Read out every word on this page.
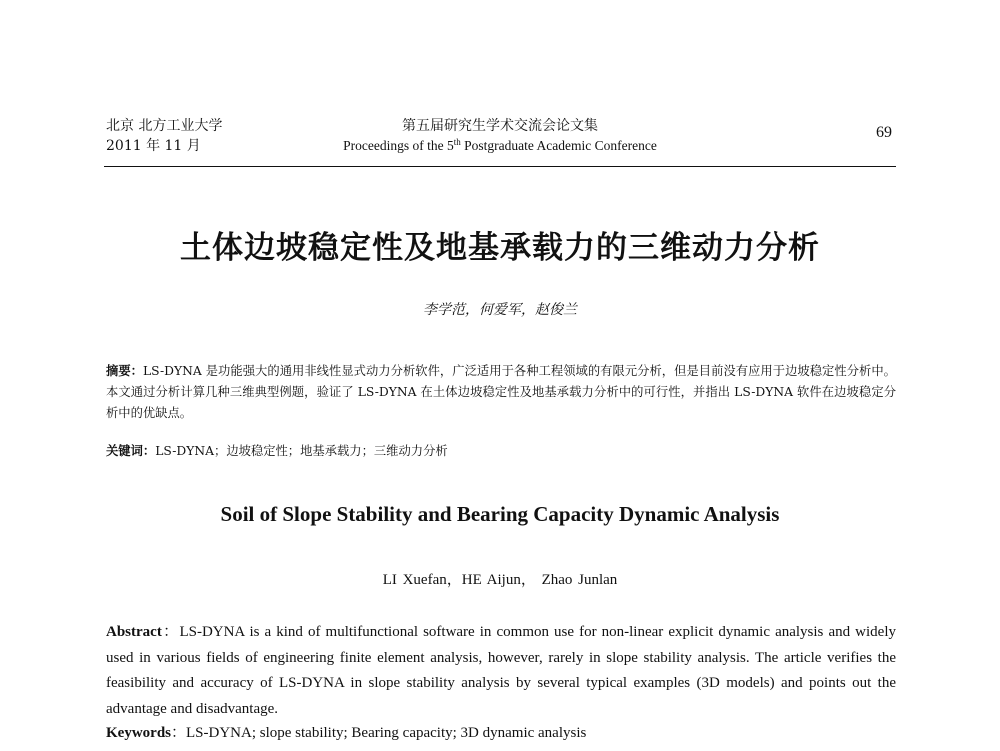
北京 北方工业大学
2011 年 11 月
第五届研究生学术交流会论文集
Proceedings of the 5th Postgraduate Academic Conference
69
土体边坡稳定性及地基承载力的三维动力分析
李学范，何爱军，赵俊兰
摘要：LS-DYNA 是功能强大的通用非线性显式动力分析软件，广泛适用于各种工程领域的有限元分析，但是目前没有应用于边坡稳定性分析中。本文通过分析计算几种三维典型例题，验证了 LS-DYNA 在土体边坡稳定性及地基承载力分析中的可行性，并指出 LS-DYNA 软件在边坡稳定分析中的优缺点。
关键词：LS-DYNA；边坡稳定性；地基承载力；三维动力分析
Soil of Slope Stability and Bearing Capacity Dynamic Analysis
LI Xuefan，HE Aijun， Zhao Junlan
Abstract：LS-DYNA is a kind of multifunctional software in common use for non-linear explicit dynamic analysis and widely used in various fields of engineering finite element analysis, however, rarely in slope stability analysis. The article verifies the feasibility and accuracy of LS-DYNA in slope stability analysis by several typical examples (3D models) and points out the advantage and disadvantage.
Keywords：LS-DYNA; slope stability; Bearing capacity; 3D dynamic analysis
